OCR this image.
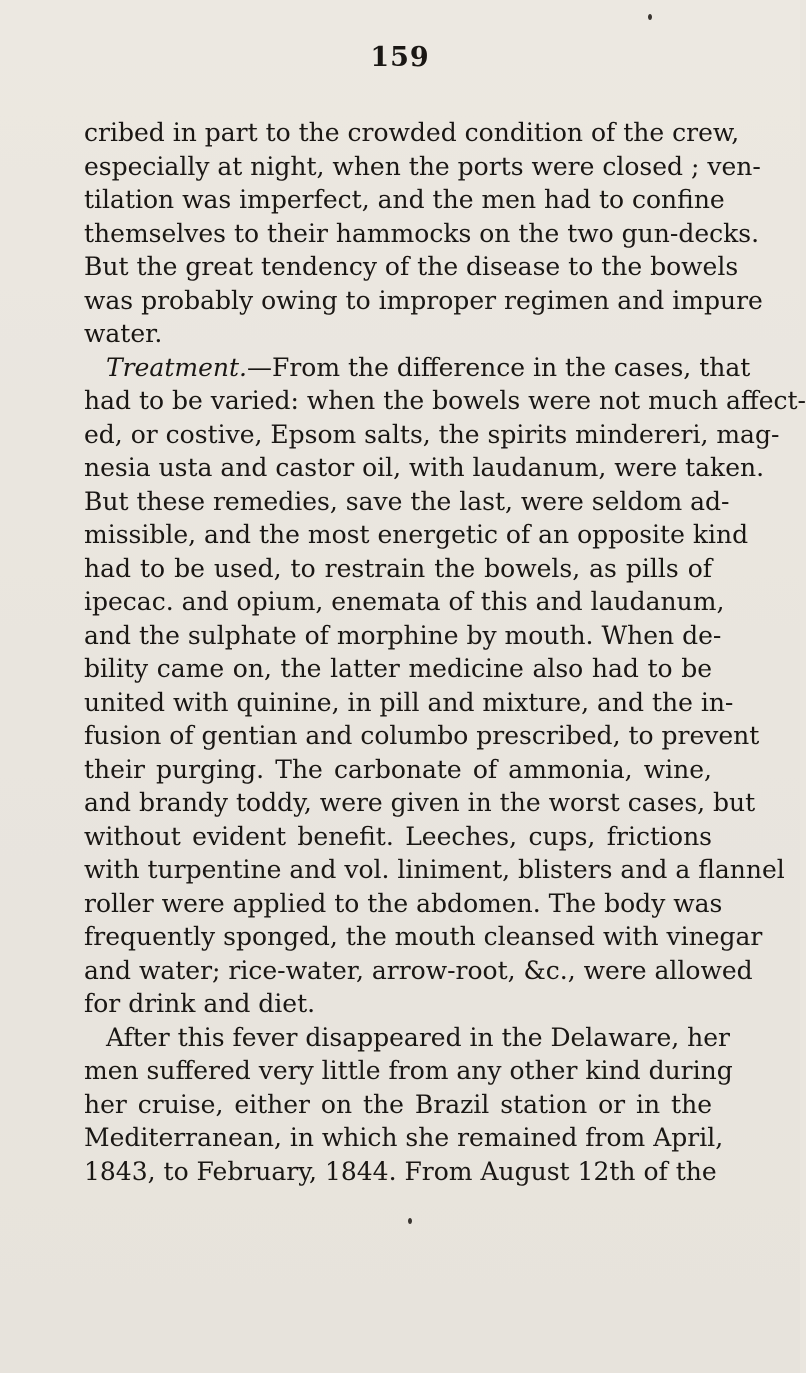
159
cribed in part to the crowded condition of the crew,
especially at night, when the ports were closed ; ven-
tilation was imperfect, and the men had to confine
themselves to their hammocks on the two gun-decks.
But the great tendency of the disease to the bowels
was probably owing to improper regimen and impure
water.
Treatment.—From the difference in the cases, that
had to be varied: when the bowels were not much affect-
ed, or costive, Epsom salts, the spirits mindereri, mag-
nesia usta and castor oil, with laudanum, were taken.
But these remedies, save the last, were seldom ad-
missible, and the most energetic of an opposite kind
had to be used, to restrain the bowels, as pills of
ipecac. and opium, enemata of this and laudanum,
and the sulphate of morphine by mouth. When de-
bility came on, the latter medicine also had to be
united with quinine, in pill and mixture, and the in-
fusion of gentian and columbo prescribed, to prevent
their purging. The carbonate of ammonia, wine,
and brandy toddy, were given in the worst cases, but
without evident benefit. Leeches, cups, frictions
with turpentine and vol. liniment, blisters and a flannel
roller were applied to the abdomen. The body was
frequently sponged, the mouth cleansed with vinegar
and water; rice-water, arrow-root, &c., were allowed
for drink and diet.
After this fever disappeared in the Delaware, her
men suffered very little from any other kind during
her cruise, either on the Brazil station or in the
Mediterranean, in which she remained from April,
1843, to February, 1844. From August 12th of the
